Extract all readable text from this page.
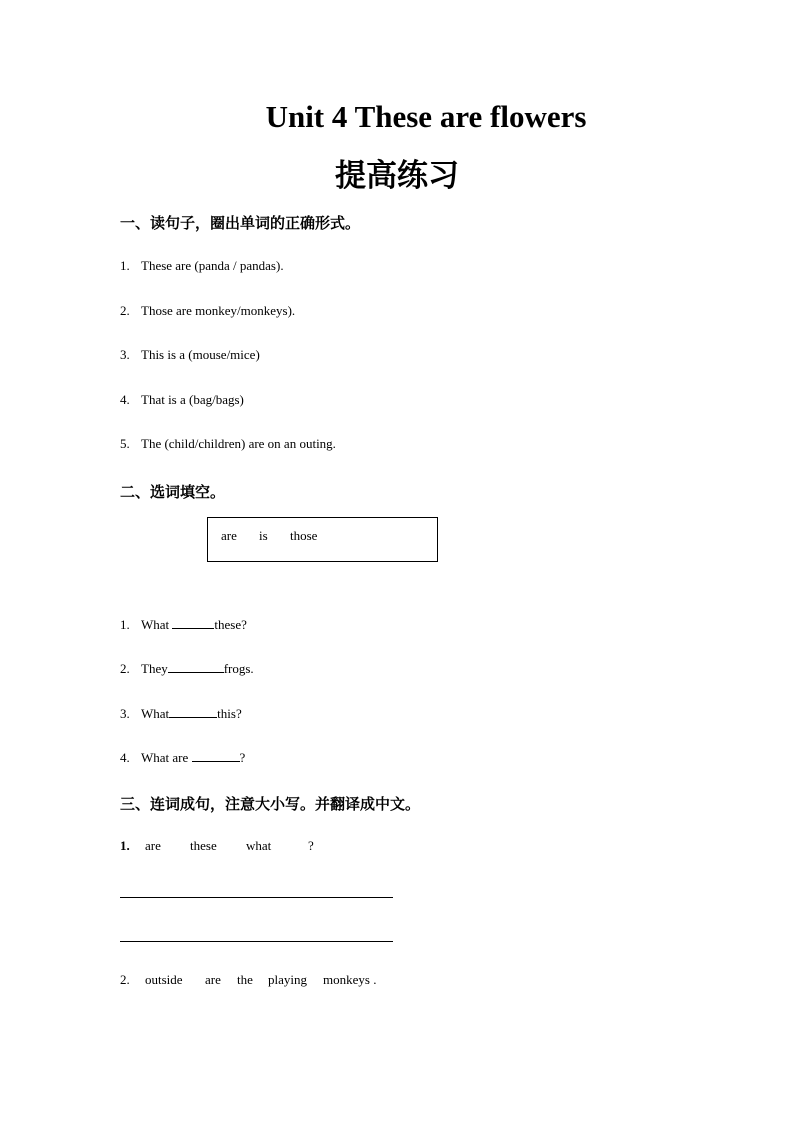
Unit 4 These are flowers
提高练习
一、读句子，圈出单词的正确形式。
1. These are (panda / pandas).
2. Those are monkey/monkeys).
3. This is a (mouse/mice)
4. That is a (bag/bags)
5. The (child/children) are on an outing.
二、选词填空。
are is those
1. What	these?
2. They	frogs.
3. What	this?
4. What are	?
三、连词成句，注意大小写。并翻译成中文。
1. are these what	?
2. outside are the playing monkeys .
